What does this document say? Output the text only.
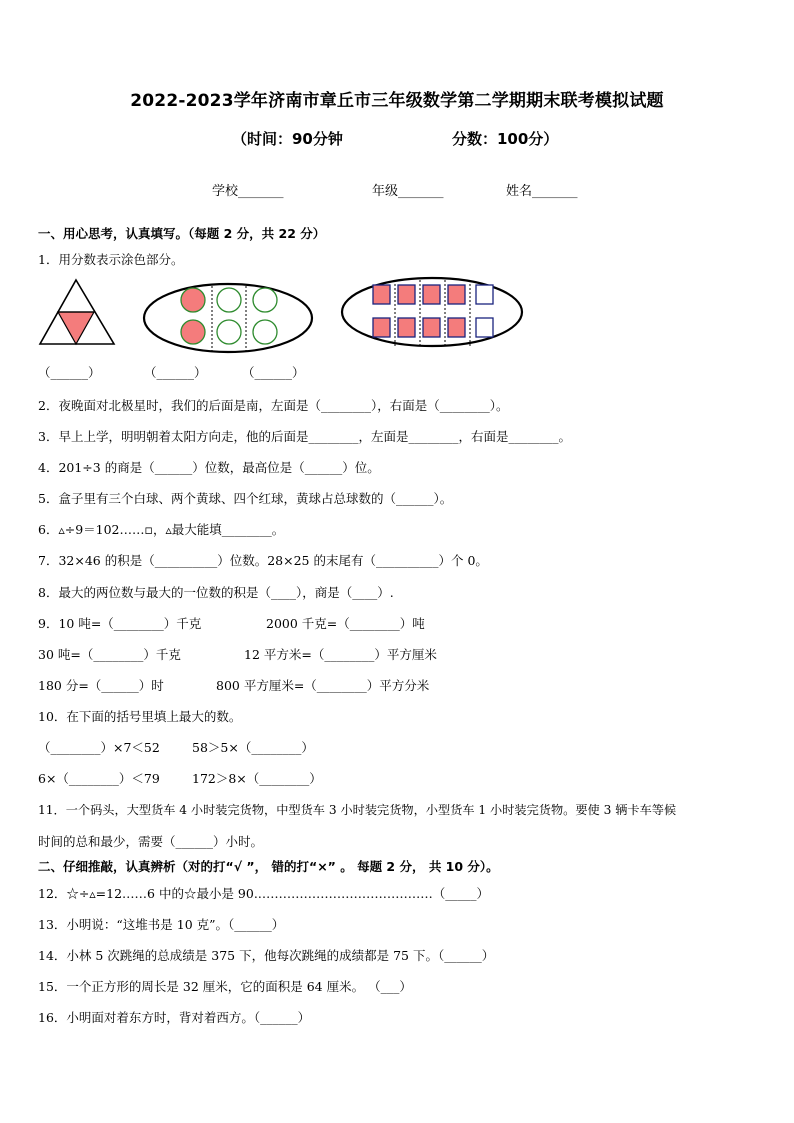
2022-2023学年济南市章丘市三年级数学第二学期期末联考模拟试题
（时间：90分钟	分数：100分）
学校_______	年级_______	姓名_______
一、用心思考，认真填写。（每题 2 分，共 22 分）
1．用分数表示涂色部分。
（______）	（______）	（______）
2．夜晚面对北极星时，我们的后面是南，左面是（________），右面是（________）。
3．早上上学，明明朝着太阳方向走，他的后面是________，左面是________，右面是________。
4．201÷3 的商是（______）位数，最高位是（______）位。
5．盒子里有三个白球、两个黄球、四个红球，黄球占总球数的（______）。
6．▵÷9＝102……▫，▵最大能填________。
7．32×46 的积是（__________）位数。28×25 的末尾有（__________）个 0。
8．最大的两位数与最大的一位数的积是（____），商是（____）.
9．10 吨=（________）千克	2000 千克=（________）吨
30 吨=（________）千克	12 平方米=（________）平方厘米
180 分=（______）时	800 平方厘米=（________）平方分米
10．在下面的括号里填上最大的数。
（________）×7＜52	58＞5×（________）
6×（________）＜79	172＞8×（________）
11．一个码头，大型货车 4 小时装完货物，中型货车 3 小时装完货物，小型货车 1 小时装完货物。要使 3 辆卡车等候
时间的总和最少，需要（______）小时。
二、仔细推敲，认真辨析（对的打“√ ”， 错的打“×” 。 每题 2 分， 共 10 分）。
12．☆÷▵=12……6 中的☆最小是 90.……………………………………（_____）
13．小明说：“这堆书是 10 克”。（______）
14．小林 5 次跳绳的总成绩是 375 下，他每次跳绳的成绩都是 75 下。（______）
15．一个正方形的周长是 32 厘米，它的面积是 64 厘米。 （___）
16．小明面对着东方时，背对着西方。（______）
